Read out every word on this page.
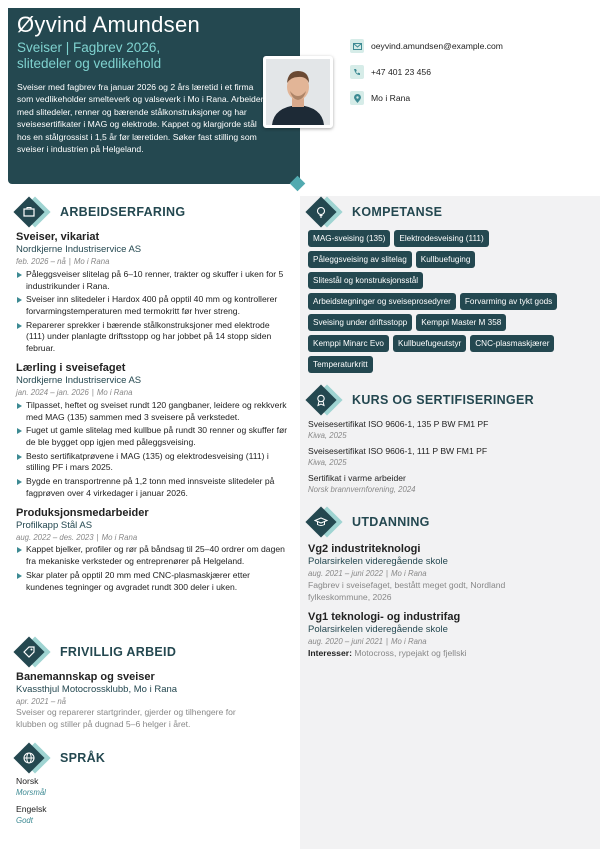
Øyvind Amundsen
Sveiser | Fagbrev 2026, slitedeler og vedlikehold
Sveiser med fagbrev fra januar 2026 og 2 års læretid i et firma som vedlikeholder smelteverk og valseverk i Mo i Rana. Arbeider med slitedeler, renner og bærende stålkonstruksjoner og har sveisesertifikater i MAG og elektrode. Kappet og klargjorde stål hos en stålgrossist i 1,5 år før læretiden. Søker fast stilling som sveiser i industrien på Helgeland.
oeyvind.amundsen@example.com
+47 401 23 456
Mo i Rana
ARBEIDSERFARING
Sveiser, vikariat
Nordkjerne Industriservice AS
feb. 2026 – nå | Mo i Rana
Påleggsveiser slitelag på 6–10 renner, trakter og skuffer i uken for 5 industrikunder i Rana.
Sveiser inn slitedeler i Hardox 400 på opptil 40 mm og kontrollerer forvarmingstemperaturen med termokritt før hver streng.
Reparerer sprekker i bærende stålkonstruksjoner med elektrode (111) under planlagte driftsstopp og har jobbet på 14 stopp siden februar.
Lærling i sveisefaget
Nordkjerne Industriservice AS
jan. 2024 – jan. 2026 | Mo i Rana
Tilpasset, heftet og sveiset rundt 120 gangbaner, leidere og rekkverk med MAG (135) sammen med 3 sveisere på verkstedet.
Fuget ut gamle slitelag med kullbue på rundt 30 renner og skuffer før de ble bygget opp igjen med påleggsveising.
Besto sertifikatprøvene i MAG (135) og elektrodesveising (111) i stilling PF i mars 2025.
Bygde en transportrenne på 1,2 tonn med innsveiste slitedeler på fagprøven over 4 virkedager i januar 2026.
Produksjonsmedarbeider
Profilkapp Stål AS
aug. 2022 – des. 2023 | Mo i Rana
Kappet bjelker, profiler og rør på båndsag til 25–40 ordrer om dagen fra mekaniske verksteder og entreprenører på Helgeland.
Skar plater på opptil 20 mm med CNC-plasmaskjærer etter kundenes tegninger og avgradet rundt 300 deler i uken.
FRIVILLIG ARBEID
Banemannskap og sveiser
Kvassthjul Motocrossklubb, Mo i Rana
apr. 2021 – nå
Sveiser og reparerer startgrinder, gjerder og tilhengere for klubben og stiller på dugnad 5–6 helger i året.
SPRÅK
Norsk
Morsmål
Engelsk
Godt
KOMPETANSE
MAG-sveising (135)	Elektrodesveising (111)
Påleggsveising av slitelag	Kullbuefuging
Slitestål og konstruksjonsstål
Arbeidstegninger og sveiseprosedyrer	Forvarming av tykt gods
Sveising under driftsstopp	Kemppi Master M 358
Kemppi Minarc Evo	Kullbuefugeutstyr	CNC-plasmaskjærer
Temperaturkritt
KURS OG SERTIFISERINGER
Sveisesertifikat ISO 9606-1, 135 P BW FM1 PF
Kiwa, 2025
Sveisesertifikat ISO 9606-1, 111 P BW FM1 PF
Kiwa, 2025
Sertifikat i varme arbeider
Norsk brannvernforening, 2024
UTDANNING
Vg2 industriteknologi
Polarsirkelen videregående skole
aug. 2021 – juni 2022 | Mo i Rana
Fagbrev i sveisefaget, bestått meget godt, Nordland fylkeskommune, 2026
Vg1 teknologi- og industrifag
Polarsirkelen videregående skole
aug. 2020 – juni 2021 | Mo i Rana
Interesser: Motocross, rypejakt og fjellski
